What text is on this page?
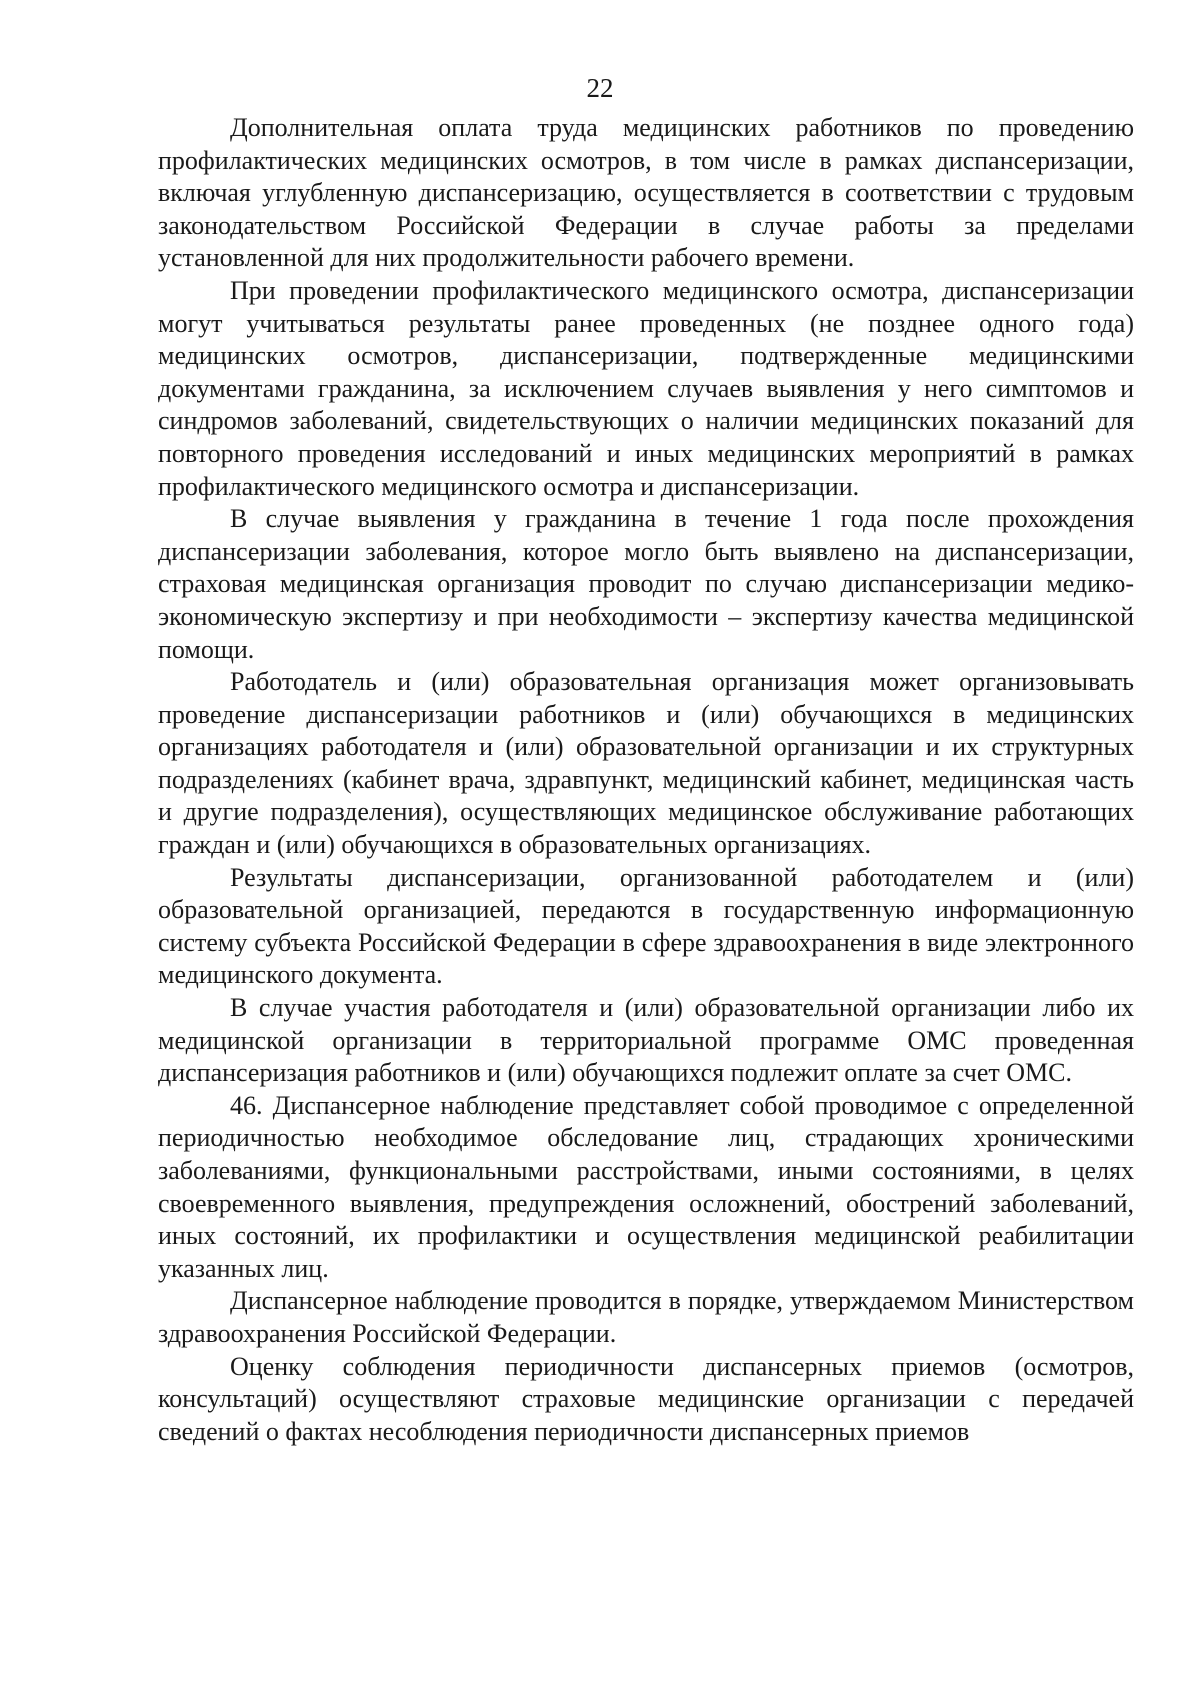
22

Дополнительная оплата труда медицинских работников по проведению профилактических медицинских осмотров, в том числе в рамках диспансеризации, включая углубленную диспансеризацию, осуществляется в соответствии с трудовым законодательством Российской Федерации в случае работы за пределами установленной для них продолжительности рабочего времени.

При проведении профилактического медицинского осмотра, диспансеризации могут учитываться результаты ранее проведенных (не позднее одного года) медицинских осмотров, диспансеризации, подтвержденные медицинскими документами гражданина, за исключением случаев выявления у него симптомов и синдромов заболеваний, свидетельствующих о наличии медицинских показаний для повторного проведения исследований и иных медицинских мероприятий в рамках профилактического медицинского осмотра и диспансеризации.

В случае выявления у гражданина в течение 1 года после прохождения диспансеризации заболевания, которое могло быть выявлено на диспансеризации, страховая медицинская организация проводит по случаю диспансеризации медико-экономическую экспертизу и при необходимости – экспертизу качества медицинской помощи.

Работодатель и (или) образовательная организация может организовывать проведение диспансеризации работников и (или) обучающихся в медицинских организациях работодателя и (или) образовательной организации и их структурных подразделениях (кабинет врача, здравпункт, медицинский кабинет, медицинская часть и другие подразделения), осуществляющих медицинское обслуживание работающих граждан и (или) обучающихся в образовательных организациях.

Результаты диспансеризации, организованной работодателем и (или) образовательной организацией, передаются в государственную информационную систему субъекта Российской Федерации в сфере здравоохранения в виде электронного медицинского документа.

В случае участия работодателя и (или) образовательной организации либо их медицинской организации в территориальной программе ОМС проведенная диспансеризация работников и (или) обучающихся подлежит оплате за счет ОМС.

46. Диспансерное наблюдение представляет собой проводимое с определенной периодичностью необходимое обследование лиц, страдающих хроническими заболеваниями, функциональными расстройствами, иными состояниями, в целях своевременного выявления, предупреждения осложнений, обострений заболеваний, иных состояний, их профилактики и осуществления медицинской реабилитации указанных лиц.

Диспансерное наблюдение проводится в порядке, утверждаемом Министерством здравоохранения Российской Федерации.

Оценку соблюдения периодичности диспансерных приемов (осмотров, консультаций) осуществляют страховые медицинские организации с передачей сведений о фактах несоблюдения периодичности диспансерных приемов
